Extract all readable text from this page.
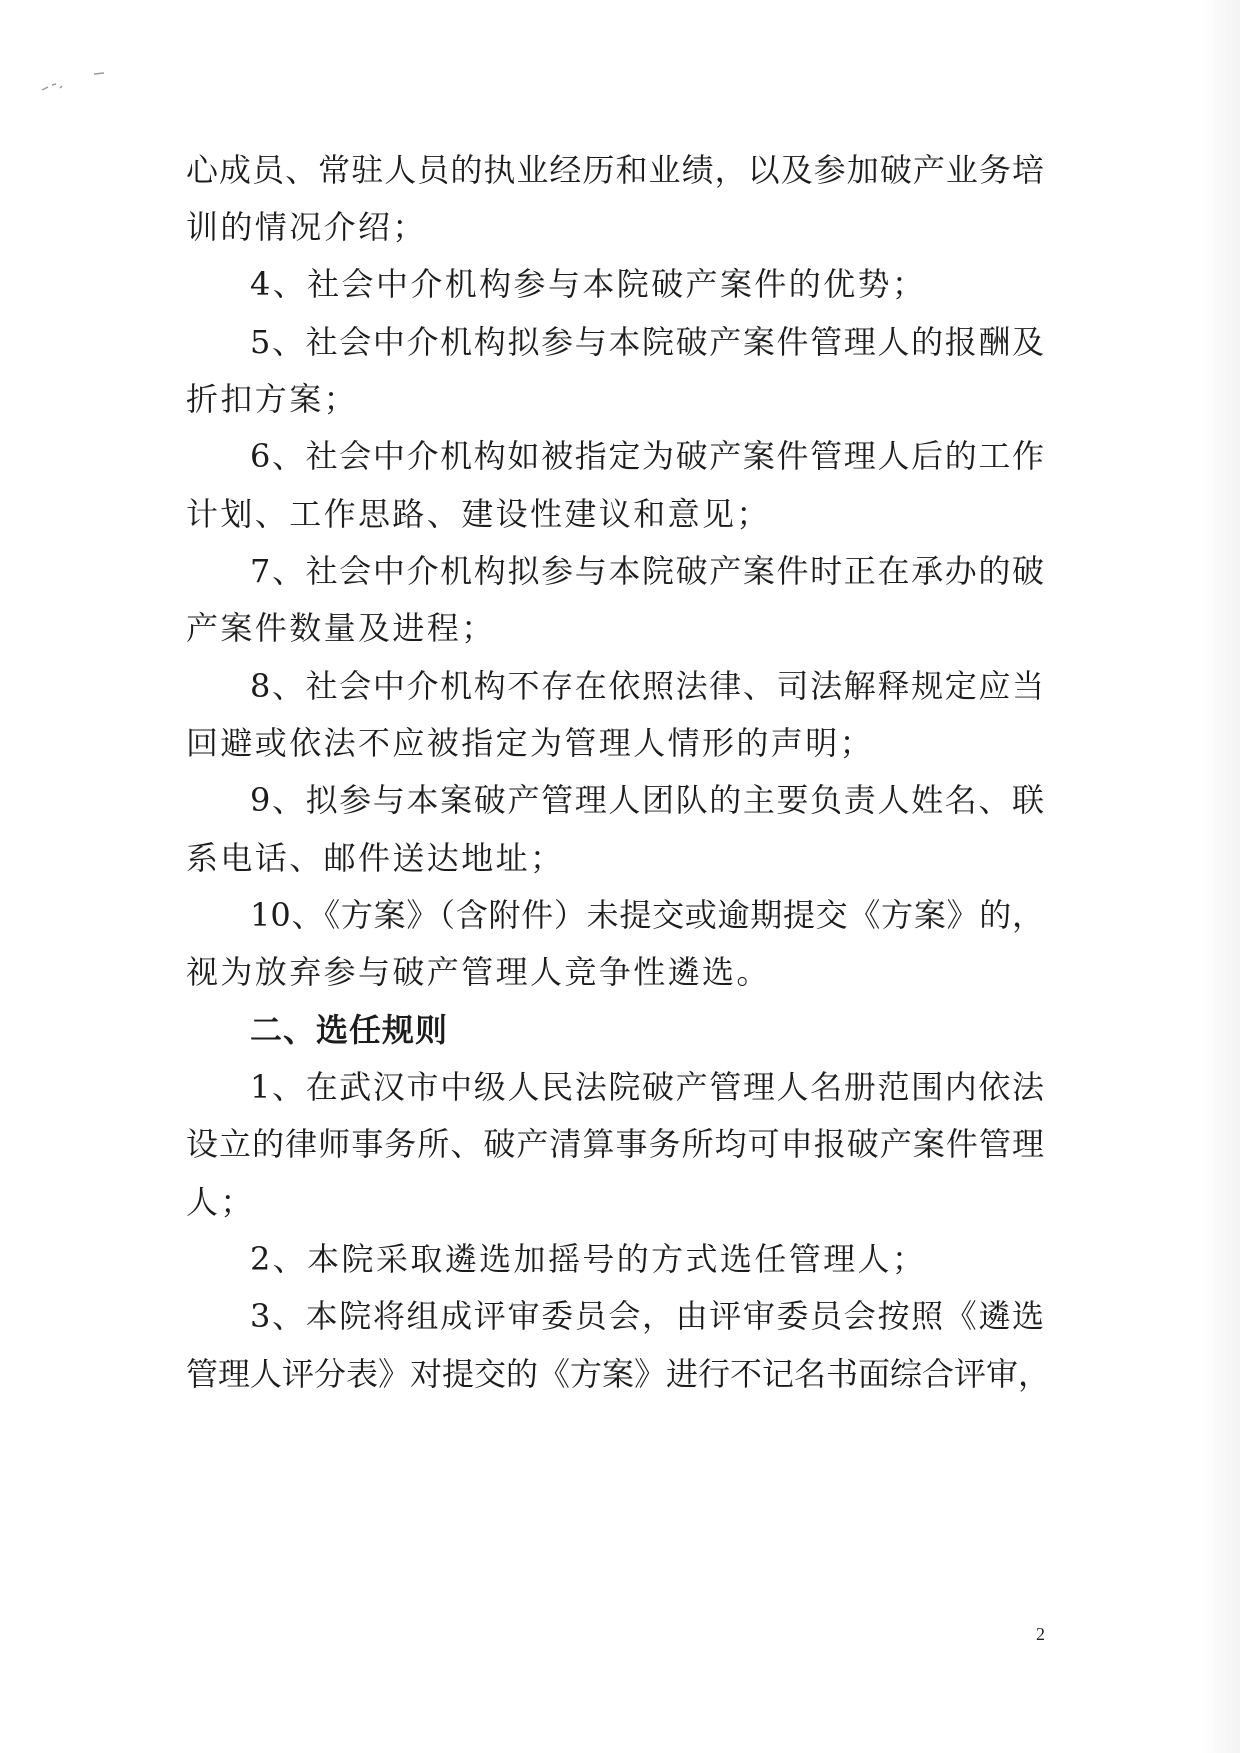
心成员、常驻人员的执业经历和业绩，以及参加破产业务培
训的情况介绍；
4、社会中介机构参与本院破产案件的优势；
5、社会中介机构拟参与本院破产案件管理人的报酬及
折扣方案；
6、社会中介机构如被指定为破产案件管理人后的工作
计划、工作思路、建设性建议和意见；
7、社会中介机构拟参与本院破产案件时正在承办的破
产案件数量及进程；
8、社会中介机构不存在依照法律、司法解释规定应当
回避或依法不应被指定为管理人情形的声明；
9、拟参与本案破产管理人团队的主要负责人姓名、联
系电话、邮件送达地址；
10、《方案》（含附件）未提交或逾期提交《方案》的，
视为放弃参与破产管理人竞争性遴选。
二、选任规则
1、在武汉市中级人民法院破产管理人名册范围内依法
设立的律师事务所、破产清算事务所均可申报破产案件管理
人；
2、本院采取遴选加摇号的方式选任管理人；
3、本院将组成评审委员会，由评审委员会按照《遴选
管理人评分表》对提交的《方案》进行不记名书面综合评审，
2
